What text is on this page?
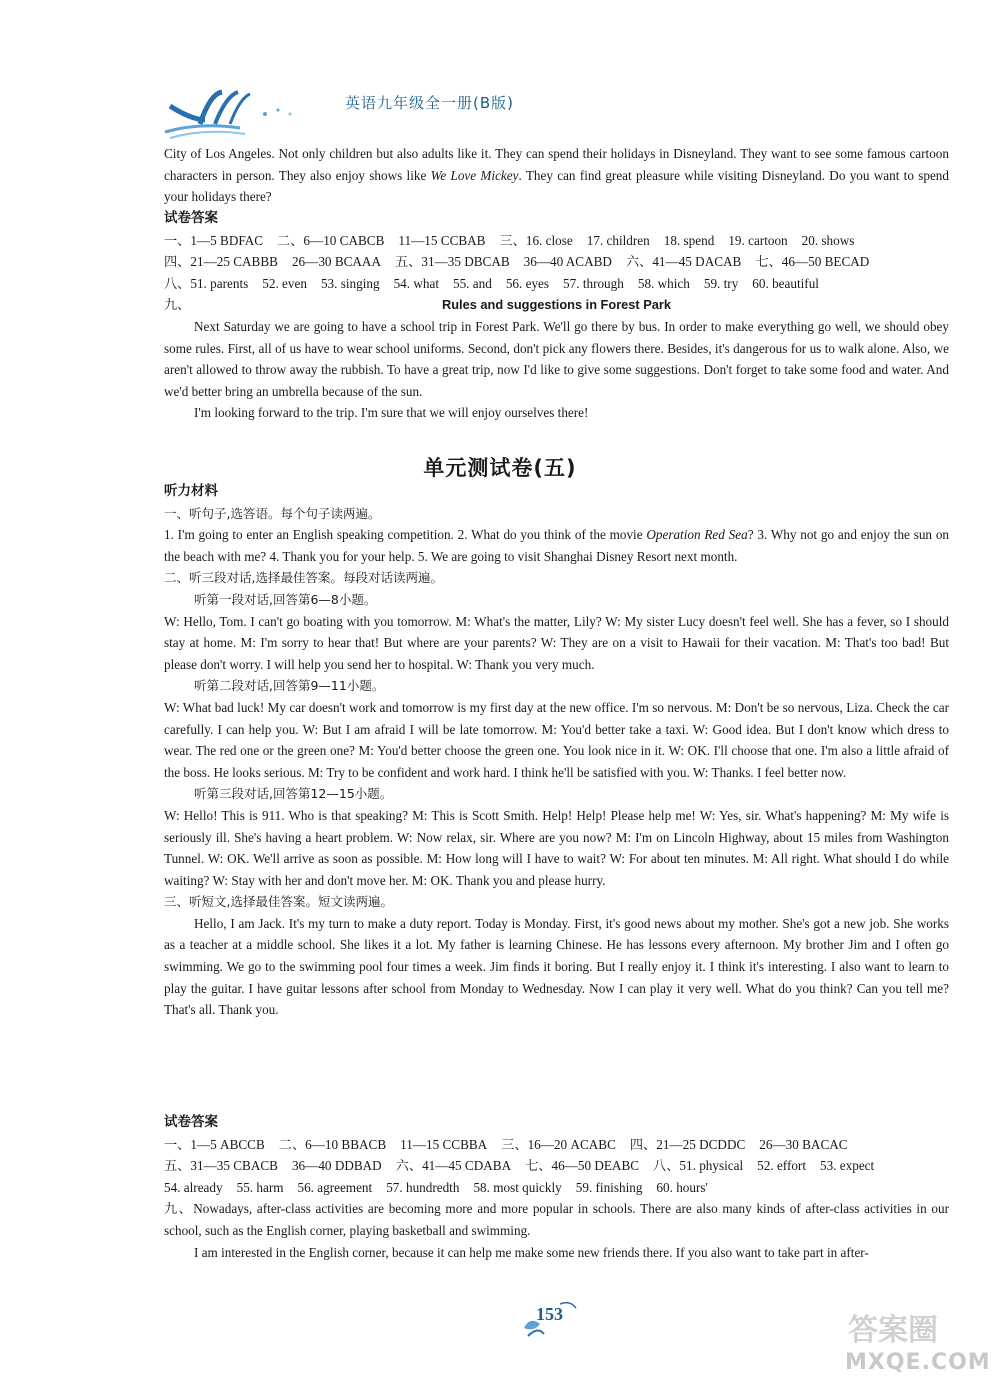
英语九年级全一册(B版)

City of Los Angeles. Not only children but also adults like it. They can spend their holidays in Disneyland. They want to see some famous cartoon characters in person. They also enjoy shows like We Love Mickey. They can find great pleasure while visiting Disneyland. Do you want to spend your holidays there?

试卷答案

一、1—5 BDFAC 二、6—10 CABCB 11—15 CCBAB 三、16. close 17. children 18. spend 19. cartoon 20. shows

四、21—25 CABBB 26—30 BCAAA 五、31—35 DBCAB 36—40 ACABD 六、41—45 DACAB 七、46—50 BECAD

八、51. parents 52. even 53. singing 54. what 55. and 56. eyes 57. through 58. which 59. try 60. beautiful

九、	Rules and suggestions in Forest Park

Next Saturday we are going to have a school trip in Forest Park. We'll go there by bus. In order to make everything go well, we should obey some rules. First, all of us have to wear school uniforms. Second, don't pick any flowers there. Besides, it's dangerous for us to walk alone. Also, we aren't allowed to throw away the rubbish. To have a great trip, now I'd like to give some suggestions. Don't forget to take some food and water. And we'd better bring an umbrella because of the sun.

I'm looking forward to the trip. I'm sure that we will enjoy ourselves there!

单元测试卷(五)

听力材料

一、听句子,选答语。每个句子读两遍。

1. I'm going to enter an English speaking competition. 2. What do you think of the movie Operation Red Sea? 3. Why not go and enjoy the sun on the beach with me? 4. Thank you for your help. 5. We are going to visit Shanghai Disney Resort next month.

二、听三段对话,选择最佳答案。每段对话读两遍。

听第一段对话,回答第6—8小题。

W: Hello, Tom. I can't go boating with you tomorrow. M: What's the matter, Lily? W: My sister Lucy doesn't feel well. She has a fever, so I should stay at home. M: I'm sorry to hear that! But where are your parents? W: They are on a visit to Hawaii for their vacation. M: That's too bad! But please don't worry. I will help you send her to hospital. W: Thank you very much.

听第二段对话,回答第9—11小题。

W: What bad luck! My car doesn't work and tomorrow is my first day at the new office. I'm so nervous. M: Don't be so nervous, Liza. Check the car carefully. I can help you. W: But I am afraid I will be late tomorrow. M: You'd better take a taxi. W: Good idea. But I don't know which dress to wear. The red one or the green one? M: You'd better choose the green one. You look nice in it. W: OK. I'll choose that one. I'm also a little afraid of the boss. He looks serious. M: Try to be confident and work hard. I think he'll be satisfied with you. W: Thanks. I feel better now.

听第三段对话,回答第12—15小题。

W: Hello! This is 911. Who is that speaking? M: This is Scott Smith. Help! Help! Please help me! W: Yes, sir. What's happening? M: My wife is seriously ill. She's having a heart problem. W: Now relax, sir. Where are you now? M: I'm on Lincoln Highway, about 15 miles from Washington Tunnel. W: OK. We'll arrive as soon as possible. M: How long will I have to wait? W: For about ten minutes. M: All right. What should I do while waiting? W: Stay with her and don't move her. M: OK. Thank you and please hurry.

三、听短文,选择最佳答案。短文读两遍。

Hello, I am Jack. It's my turn to make a duty report. Today is Monday. First, it's good news about my mother. She's got a new job. She works as a teacher at a middle school. She likes it a lot. My father is learning Chinese. He has lessons every afternoon. My brother Jim and I often go swimming. We go to the swimming pool four times a week. Jim finds it boring. But I really enjoy it. I think it's interesting. I also want to learn to play the guitar. I have guitar lessons after school from Monday to Wednesday. Now I can play it very well. What do you think? Can you tell me? That's all. Thank you.

试卷答案

一、1—5 ABCCB 二、6—10 BBACB 11—15 CCBBA 三、16—20 ACABC 四、21—25 DCDDC 26—30 BACAC

五、31—35 CBACB 36—40 DDBAD 六、41—45 CDABA 七、46—50 DEABC 八、51. physical 52. effort 53. expect

54. already 55. harm 56. agreement 57. hundredth 58. most quickly 59. finishing 60. hours'

九、Nowadays, after-class activities are becoming more and more popular in schools. There are also many kinds of after-class activities in our school, such as the English corner, playing basketball and swimming.

I am interested in the English corner, because it can help me make some new friends there. If you also want to take part in after-

153	答案圈
MXQE.COM
